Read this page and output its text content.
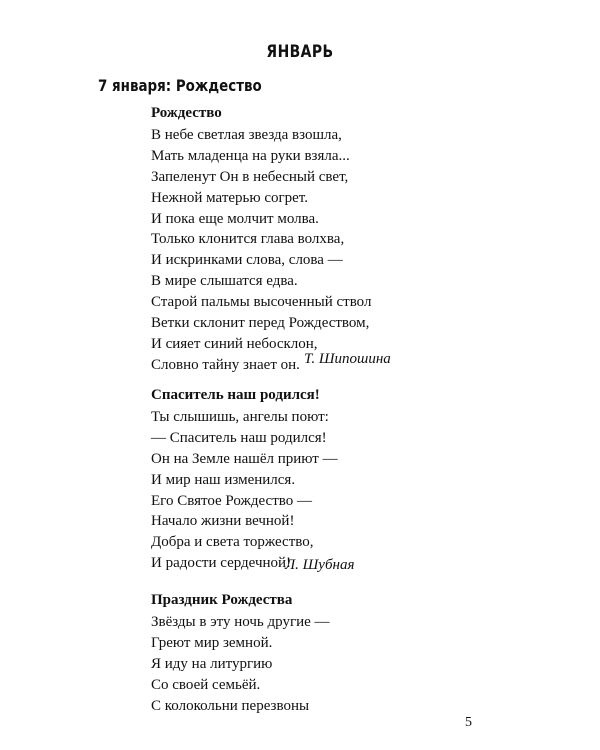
ЯНВАРЬ
7 января: Рождество
Рождество
В небе светлая звезда взошла,
Мать младенца на руки взяла...
Запеленут Он в небесный свет,
Нежной матерью согрет.
И пока еще молчит молва.
Только клонится глава волхва,
И искринками слова, слова —
В мире слышатся едва.
Старой пальмы высоченный ствол
Ветки склонит перед Рождеством,
И сияет синий небосклон,
Словно тайну знает он. Т. Шипошина
Спаситель наш родился!
Ты слышишь, ангелы поют:
— Спаситель наш родился!
Он на Земле нашёл приют —
И мир наш изменился.
Его Святое Рождество —
Начало жизни вечной!
Добра и света торжество,
И радости сердечной!
Л. Шубная
Праздник Рождества
Звёзды в эту ночь другие —
Греют мир земной.
Я иду на литургию
Со своей семьёй.
С колокольни перезвоны
5
